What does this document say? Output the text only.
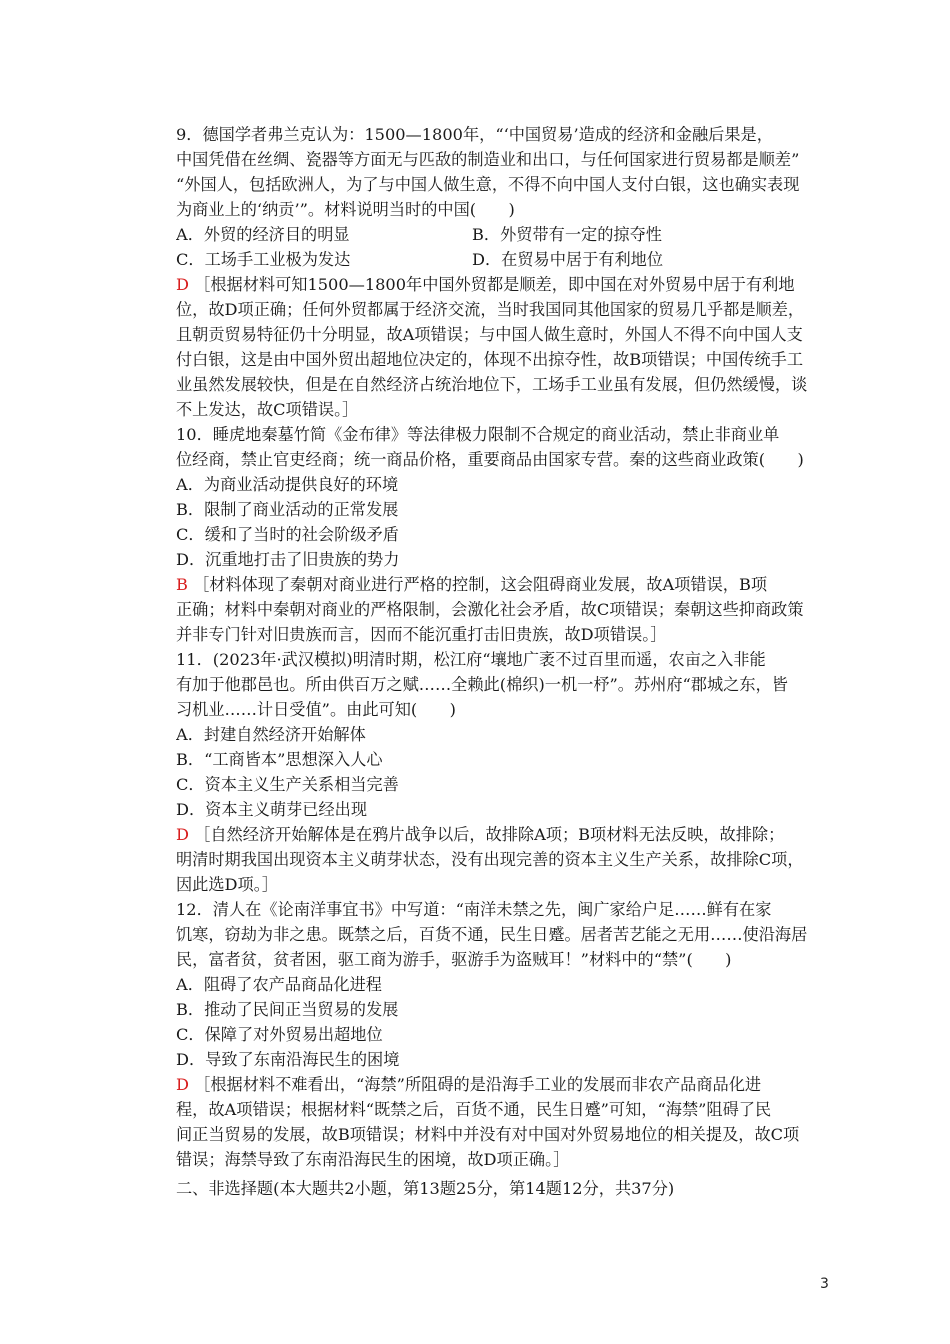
9．德国学者弗兰克认为：1500—1800年，“‘中国贸易’造成的经济和金融后果是，
中国凭借在丝绸、瓷器等方面无与匹敌的制造业和出口，与任何国家进行贸易都是顺差”
“外国人，包括欧洲人，为了与中国人做生意，不得不向中国人支付白银，这也确实表现
为商业上的‘纳贡’”。材料说明当时的中国(　　)
A．外贸的经济目的明显	B．外贸带有一定的掠夺性
C．工场手工业极为发达	D．在贸易中居于有利地位
D ［根据材料可知1500—1800年中国外贸都是顺差，即中国在对外贸易中居于有利地
位，故D项正确；任何外贸都属于经济交流，当时我国同其他国家的贸易几乎都是顺差，
且朝贡贸易特征仍十分明显，故A项错误；与中国人做生意时，外国人不得不向中国人支
付白银，这是由中国外贸出超地位决定的，体现不出掠夺性，故B项错误；中国传统手工
业虽然发展较快，但是在自然经济占统治地位下，工场手工业虽有发展，但仍然缓慢，谈
不上发达，故C项错误。］
10．睡虎地秦墓竹简《金布律》等法律极力限制不合规定的商业活动，禁止非商业单
位经商，禁止官吏经商；统一商品价格，重要商品由国家专营。秦的这些商业政策(　　)
A．为商业活动提供良好的环境
B．限制了商业活动的正常发展
C．缓和了当时的社会阶级矛盾
D．沉重地打击了旧贵族的势力
B ［材料体现了秦朝对商业进行严格的控制，这会阻碍商业发展，故A项错误，B项
正确；材料中秦朝对商业的严格限制，会激化社会矛盾，故C项错误；秦朝这些抑商政策
并非专门针对旧贵族而言，因而不能沉重打击旧贵族，故D项错误。］
11．(2023年·武汉模拟)明清时期，松江府“壤地广袤不过百里而遥，农亩之入非能
有加于他郡邑也。所由供百万之赋……全赖此(棉织)一机一杼”。苏州府“郡城之东，皆
习机业……计日受值”。由此可知(　　)
A．封建自然经济开始解体
B．“工商皆本”思想深入人心
C．资本主义生产关系相当完善
D．资本主义萌芽已经出现
D ［自然经济开始解体是在鸦片战争以后，故排除A项；B项材料无法反映，故排除；
明清时期我国出现资本主义萌芽状态，没有出现完善的资本主义生产关系，故排除C项，
因此选D项。］
12．清人在《论南洋事宜书》中写道：“南洋未禁之先，闽广家给户足……鲜有在家
饥寒，窃劫为非之患。既禁之后，百货不通，民生日蹙。居者苦艺能之无用……使沿海居
民，富者贫，贫者困，驱工商为游手，驱游手为盗贼耳！”材料中的“禁”(　　)
A．阻碍了农产品商品化进程
B．推动了民间正当贸易的发展
C．保障了对外贸易出超地位
D．导致了东南沿海民生的困境
D ［根据材料不难看出，“海禁”所阻碍的是沿海手工业的发展而非农产品商品化进
程，故A项错误；根据材料“既禁之后，百货不通，民生日蹙”可知，“海禁”阻碍了民
间正当贸易的发展，故B项错误；材料中并没有对中国对外贸易地位的相关提及，故C项
错误；海禁导致了东南沿海民生的困境，故D项正确。］
二、非选择题(本大题共2小题，第13题25分，第14题12分，共37分)
3
